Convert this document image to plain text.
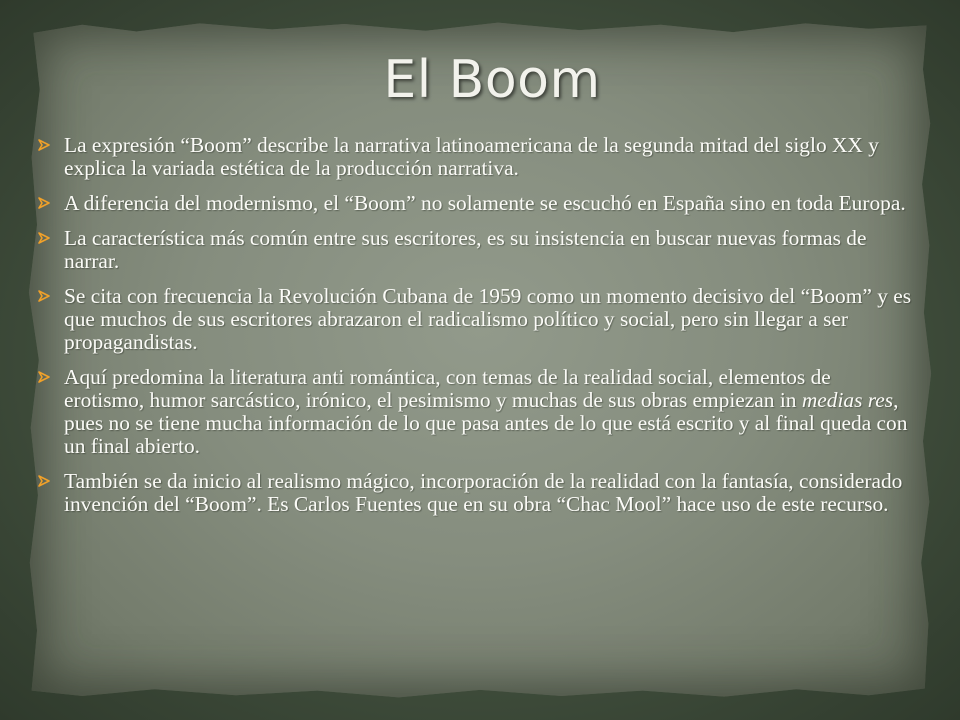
El Boom
La expresión “Boom” describe la narrativa latinoamericana de la segunda mitad del siglo XX y explica la variada estética de la producción narrativa.
A diferencia del modernismo, el “Boom” no solamente se escuchó en España sino en toda Europa.
La característica más común entre sus escritores, es su insistencia en buscar nuevas formas de narrar.
Se cita con frecuencia la Revolución Cubana de 1959 como un momento decisivo del “Boom” y es que muchos de sus escritores abrazaron el radicalismo político y social, pero sin llegar a ser propagandistas.
Aquí predomina la literatura anti romántica, con temas de la realidad social, elementos de erotismo, humor sarcástico, irónico, el pesimismo y muchas de sus obras empiezan in medias res, pues no se tiene mucha información de lo que pasa antes de lo que está escrito y al final queda con un final abierto.
También se da inicio al realismo mágico, incorporación de la realidad con la fantasía, considerado invención del “Boom”. Es Carlos Fuentes que en su obra “Chac Mool” hace uso de este recurso.
